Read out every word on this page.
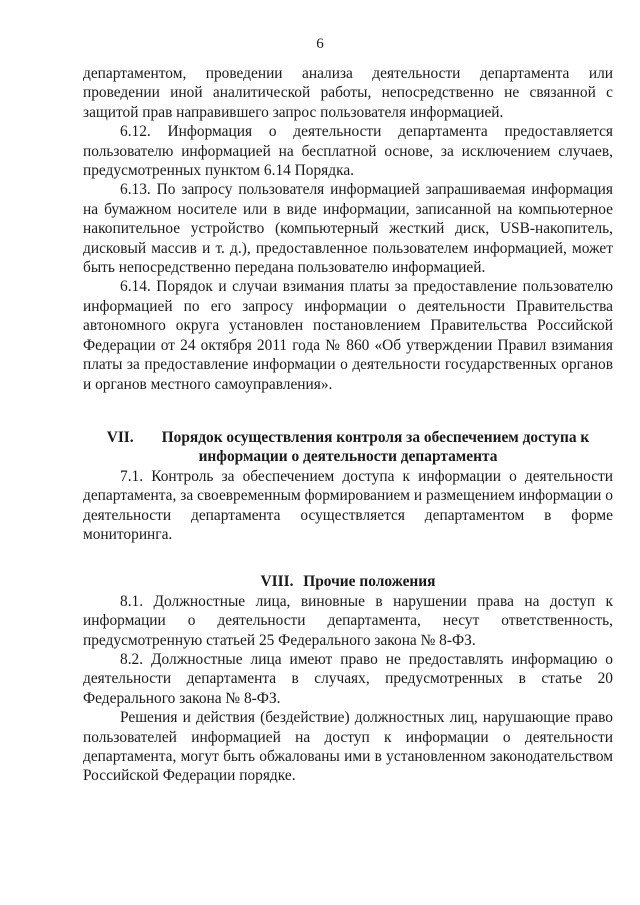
6

департаментом, проведении анализа деятельности департамента или проведении иной аналитической работы, непосредственно не связанной с защитой прав направившего запрос пользователя информацией.

6.12. Информация о деятельности департамента предоставляется пользователю информацией на бесплатной основе, за исключением случаев, предусмотренных пунктом 6.14 Порядка.

6.13. По запросу пользователя информацией запрашиваемая информация на бумажном носителе или в виде информации, записанной на компьютерное накопительное устройство (компьютерный жесткий диск, USB-накопитель, дисковый массив и т. д.), предоставленное пользователем информацией, может быть непосредственно передана пользователю информацией.

6.14. Порядок и случаи взимания платы за предоставление пользователю информацией по его запросу информации о деятельности Правительства автономного округа установлен постановлением Правительства Российской Федерации от 24 октября 2011 года № 860 «Об утверждении Правил взимания платы за предоставление информации о деятельности государственных органов и органов местного самоуправления».

VII. Порядок осуществления контроля за обеспечением доступа к
информации о деятельности департамента

7.1. Контроль за обеспечением доступа к информации о деятельности департамента, за своевременным формированием и размещением информации о деятельности департамента осуществляется департаментом в форме мониторинга.

VIII. Прочие положения

8.1. Должностные лица, виновные в нарушении права на доступ к информации о деятельности департамента, несут ответственность, предусмотренную статьей 25 Федерального закона № 8-ФЗ.

8.2. Должностные лица имеют право не предоставлять информацию о деятельности департамента в случаях, предусмотренных в статье 20 Федерального закона № 8-ФЗ.

Решения и действия (бездействие) должностных лиц, нарушающие право пользователей информацией на доступ к информации о деятельности департамента, могут быть обжалованы ими в установленном законодательством Российской Федерации порядке.
